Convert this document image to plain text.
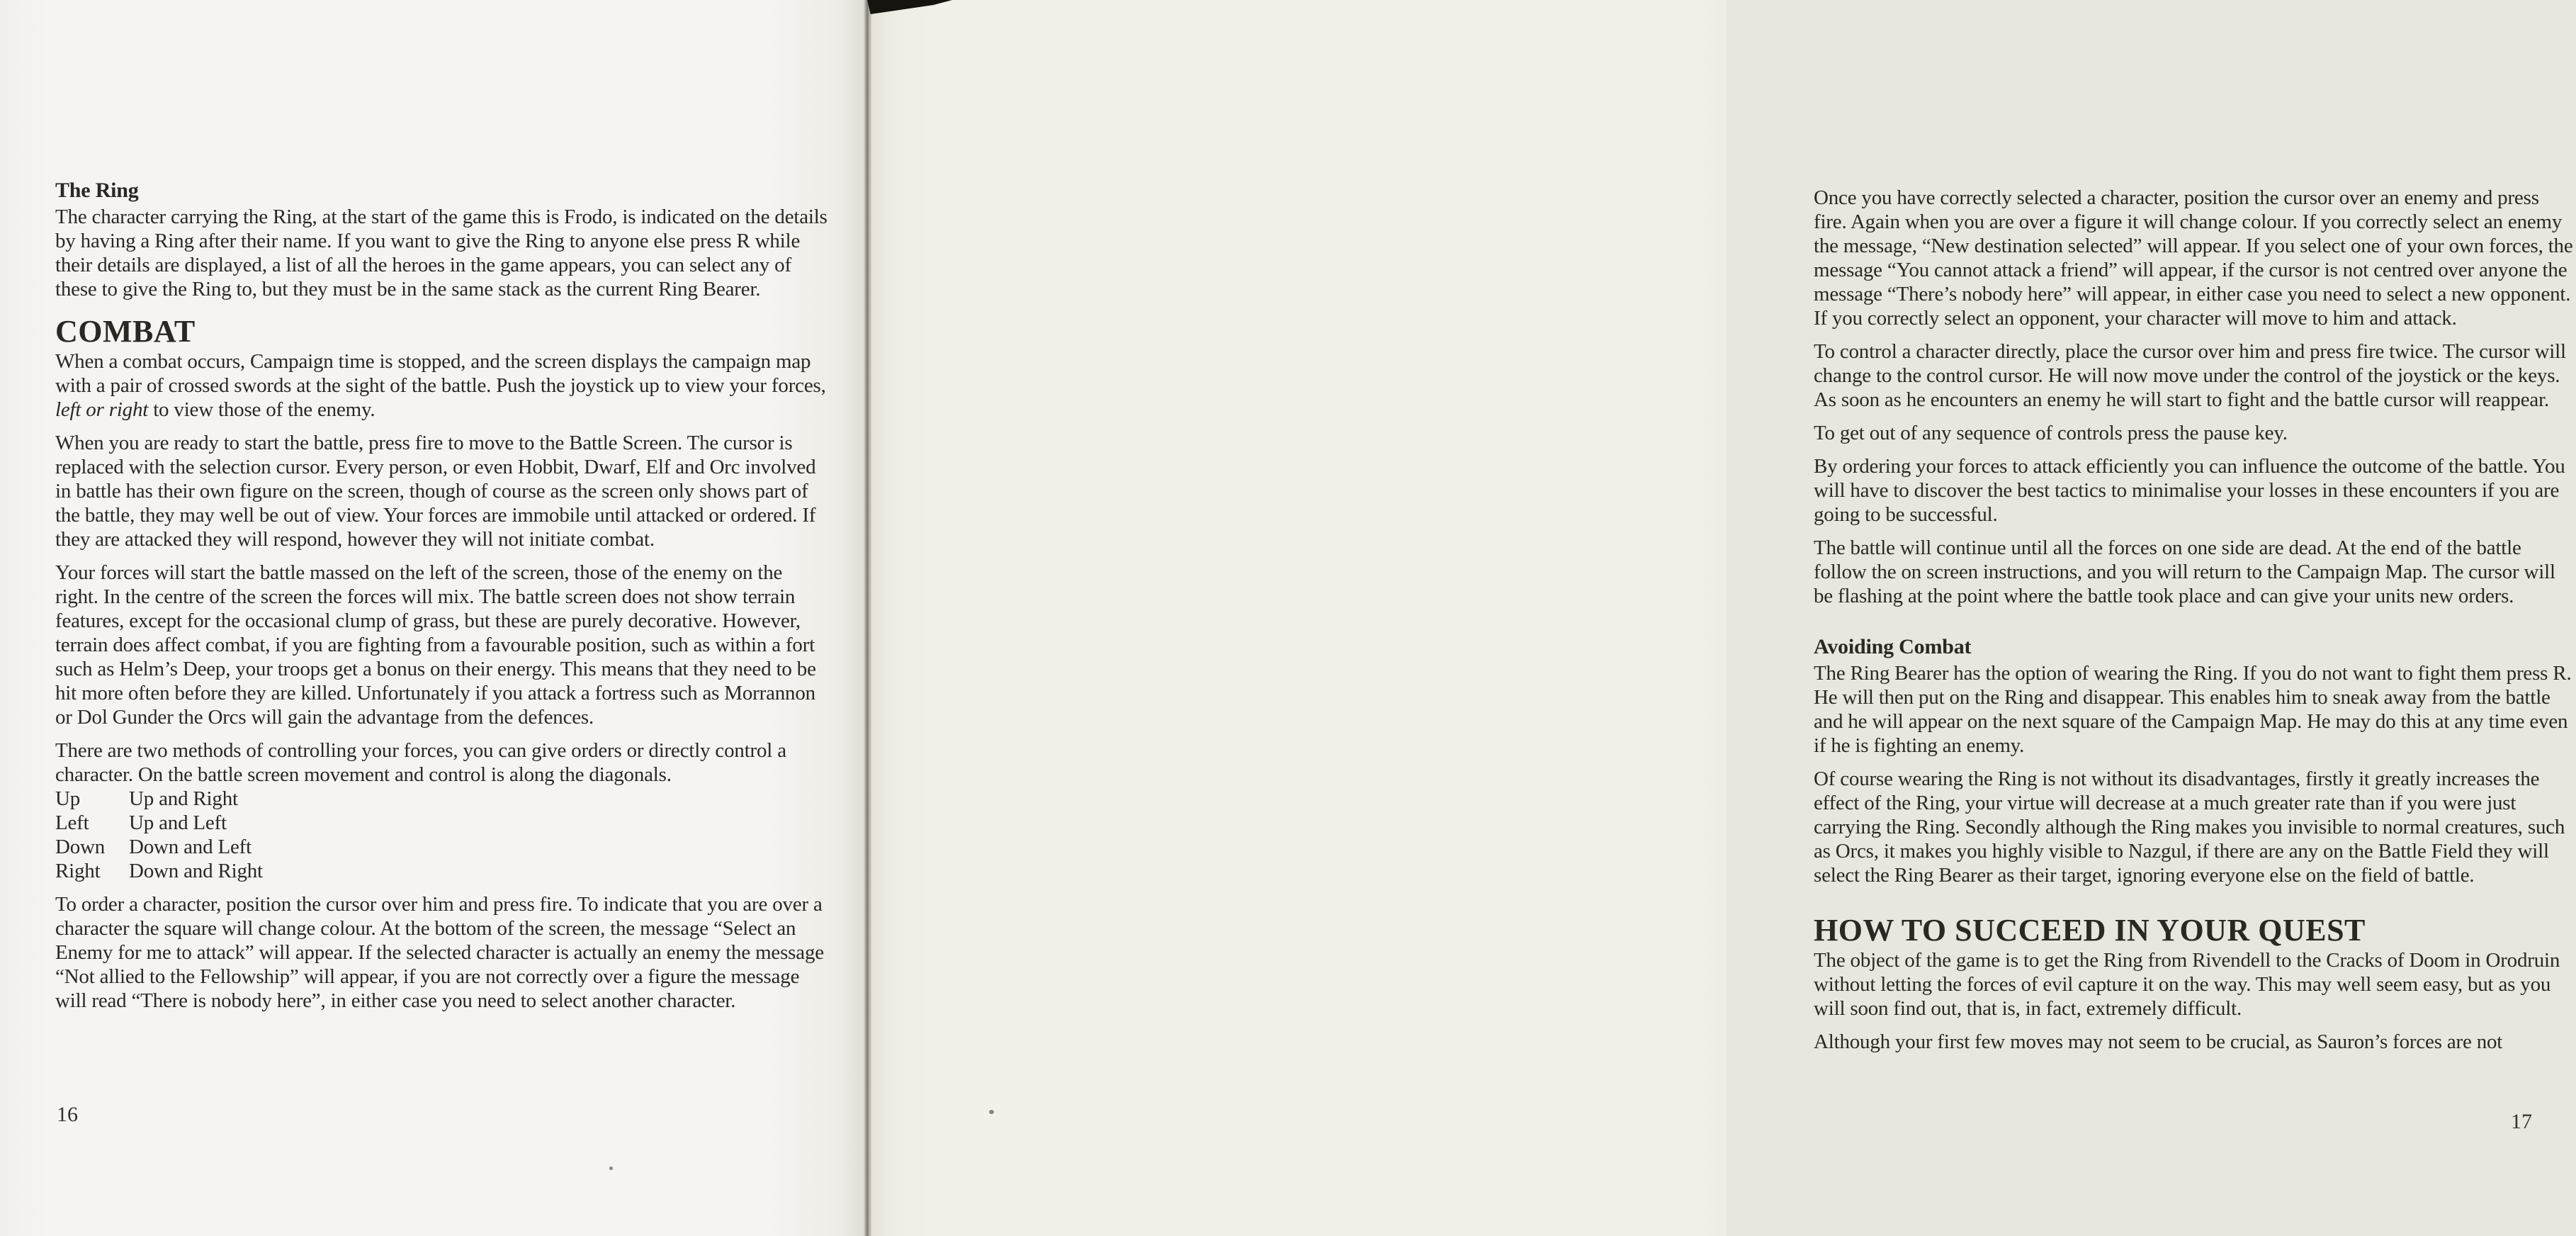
The Ring

The character carrying the Ring, at the start of the game this is Frodo, is indicated on the details by having a Ring after their name. If you want to give the Ring to anyone else press R while their details are displayed, a list of all the heroes in the game appears, you can select any of these to give the Ring to, but they must be in the same stack as the current Ring Bearer.

COMBAT

When a combat occurs, Campaign time is stopped, and the screen displays the campaign map with a pair of crossed swords at the sight of the battle. Push the joystick up to view your forces, left or right to view those of the enemy.

When you are ready to start the battle, press fire to move to the Battle Screen. The cursor is replaced with the selection cursor. Every person, or even Hobbit, Dwarf, Elf and Orc involved in battle has their own figure on the screen, though of course as the screen only shows part of the battle, they may well be out of view. Your forces are immobile until attacked or ordered. If they are attacked they will respond, however they will not initiate combat.

Your forces will start the battle massed on the left of the screen, those of the enemy on the right. In the centre of the screen the forces will mix. The battle screen does not show terrain features, except for the occasional clump of grass, but these are purely decorative. However, terrain does affect combat, if you are fighting from a favourable position, such as within a fort such as Helm’s Deep, your troops get a bonus on their energy. This means that they need to be hit more often before they are killed. Unfortunately if you attack a fortress such as Morrannon or Dol Gunder the Orcs will gain the advantage from the defences.

There are two methods of controlling your forces, you can give orders or directly control a character. On the battle screen movement and control is along the diagonals.

Up	Up and Right
Left	Up and Left
Down	Down and Left
Right	Down and Right

To order a character, position the cursor over him and press fire. To indicate that you are over a character the square will change colour. At the bottom of the screen, the message “Select an Enemy for me to attack” will appear. If the selected character is actually an enemy the message “Not allied to the Fellowship” will appear, if you are not correctly over a figure the message will read “There is nobody here”, in either case you need to select another character.

16

Once you have correctly selected a character, position the cursor over an enemy and press fire. Again when you are over a figure it will change colour. If you correctly select an enemy the message, “New destination selected” will appear. If you select one of your own forces, the message “You cannot attack a friend” will appear, if the cursor is not centred over anyone the message “There’s nobody here” will appear, in either case you need to select a new opponent. If you correctly select an opponent, your character will move to him and attack.

To control a character directly, place the cursor over him and press fire twice. The cursor will change to the control cursor. He will now move under the control of the joystick or the keys. As soon as he encounters an enemy he will start to fight and the battle cursor will reappear.

To get out of any sequence of controls press the pause key.

By ordering your forces to attack efficiently you can influence the outcome of the battle. You will have to discover the best tactics to minimalise your losses in these encounters if you are going to be successful.

The battle will continue until all the forces on one side are dead. At the end of the battle follow the on screen instructions, and you will return to the Campaign Map. The cursor will be flashing at the point where the battle took place and can give your units new orders.

Avoiding Combat

The Ring Bearer has the option of wearing the Ring. If you do not want to fight them press R. He will then put on the Ring and disappear. This enables him to sneak away from the battle and he will appear on the next square of the Campaign Map. He may do this at any time even if he is fighting an enemy.

Of course wearing the Ring is not without its disadvantages, firstly it greatly increases the effect of the Ring, your virtue will decrease at a much greater rate than if you were just carrying the Ring. Secondly although the Ring makes you invisible to normal creatures, such as Orcs, it makes you highly visible to Nazgul, if there are any on the Battle Field they will select the Ring Bearer as their target, ignoring everyone else on the field of battle.

HOW TO SUCCEED IN YOUR QUEST

The object of the game is to get the Ring from Rivendell to the Cracks of Doom in Orodruin without letting the forces of evil capture it on the way. This may well seem easy, but as you will soon find out, that is, in fact, extremely difficult.

Although your first few moves may not seem to be crucial, as Sauron’s forces are not

17
